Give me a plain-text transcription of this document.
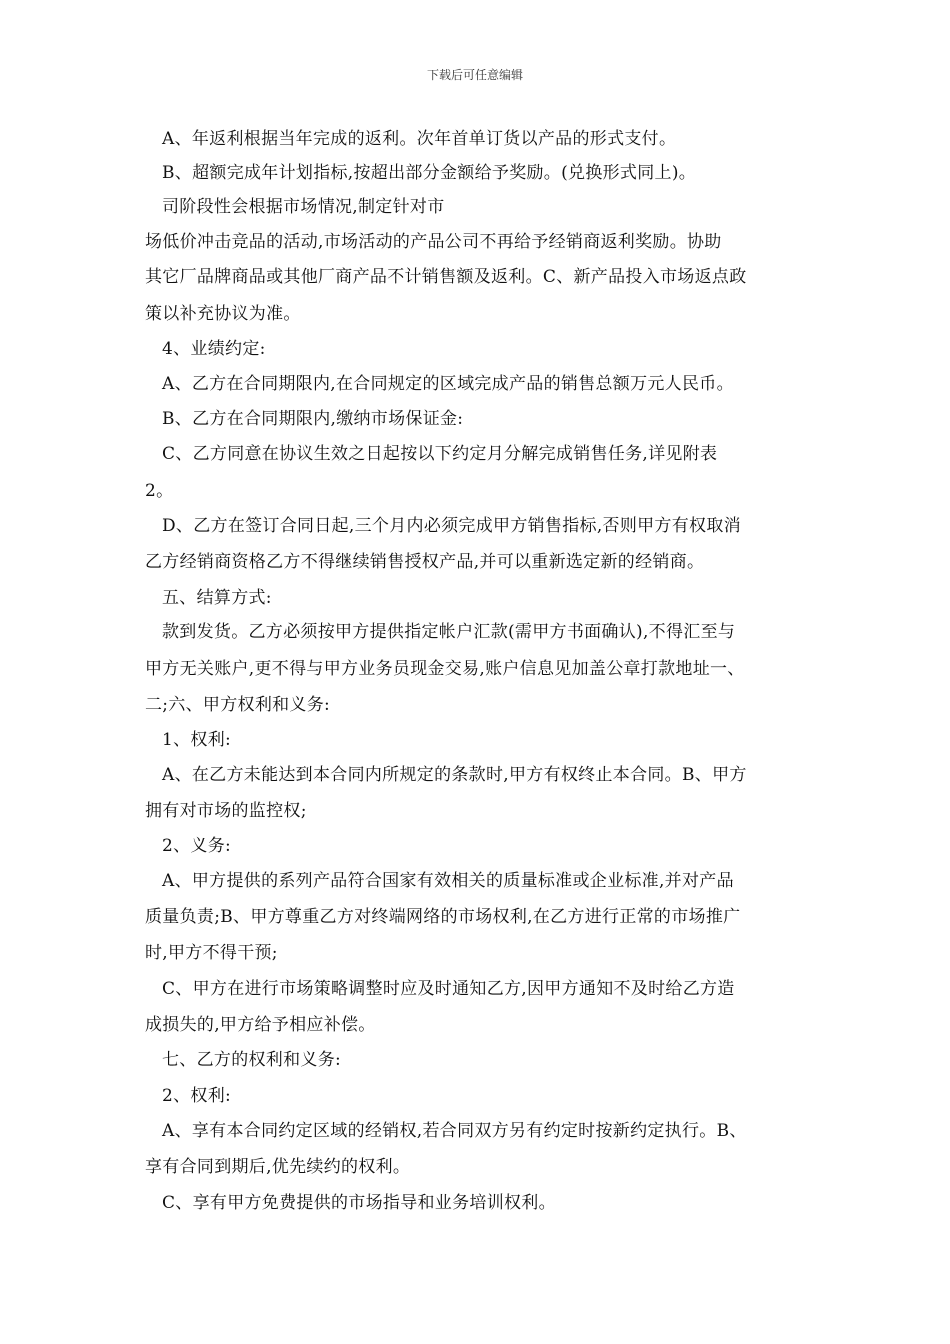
下载后可任意编辑
A、年返利根据当年完成的返利。次年首单订货以产品的形式支付。
B、超额完成年计划指标,按超出部分金额给予奖励。(兑换形式同上)。
司阶段性会根据市场情况,制定针对市
场低价冲击竞品的活动,市场活动的产品公司不再给予经销商返利奖励。协助
其它厂品牌商品或其他厂商产品不计销售额及返利。C、新产品投入市场返点政
策以补充协议为准。
4、业绩约定:
A、乙方在合同期限内,在合同规定的区域完成产品的销售总额万元人民币。
B、乙方在合同期限内,缴纳市场保证金:
C、乙方同意在协议生效之日起按以下约定月分解完成销售任务,详见附表
2。
D、乙方在签订合同日起,三个月内必须完成甲方销售指标,否则甲方有权取消
乙方经销商资格乙方不得继续销售授权产品,并可以重新选定新的经销商。
五、结算方式:
款到发货。乙方必须按甲方提供指定帐户汇款(需甲方书面确认),不得汇至与
甲方无关账户,更不得与甲方业务员现金交易,账户信息见加盖公章打款地址一、
二;六、甲方权利和义务:
1、权利:
A、在乙方未能达到本合同内所规定的条款时,甲方有权终止本合同。B、甲方
拥有对市场的监控权;
2、义务:
A、甲方提供的系列产品符合国家有效相关的质量标准或企业标准,并对产品
质量负责;B、甲方尊重乙方对终端网络的市场权利,在乙方进行正常的市场推广
时,甲方不得干预;
C、甲方在进行市场策略调整时应及时通知乙方,因甲方通知不及时给乙方造
成损失的,甲方给予相应补偿。
七、乙方的权利和义务:
2、权利:
A、享有本合同约定区域的经销权,若合同双方另有约定时按新约定执行。B、
享有合同到期后,优先续约的权利。
C、享有甲方免费提供的市场指导和业务培训权利。
